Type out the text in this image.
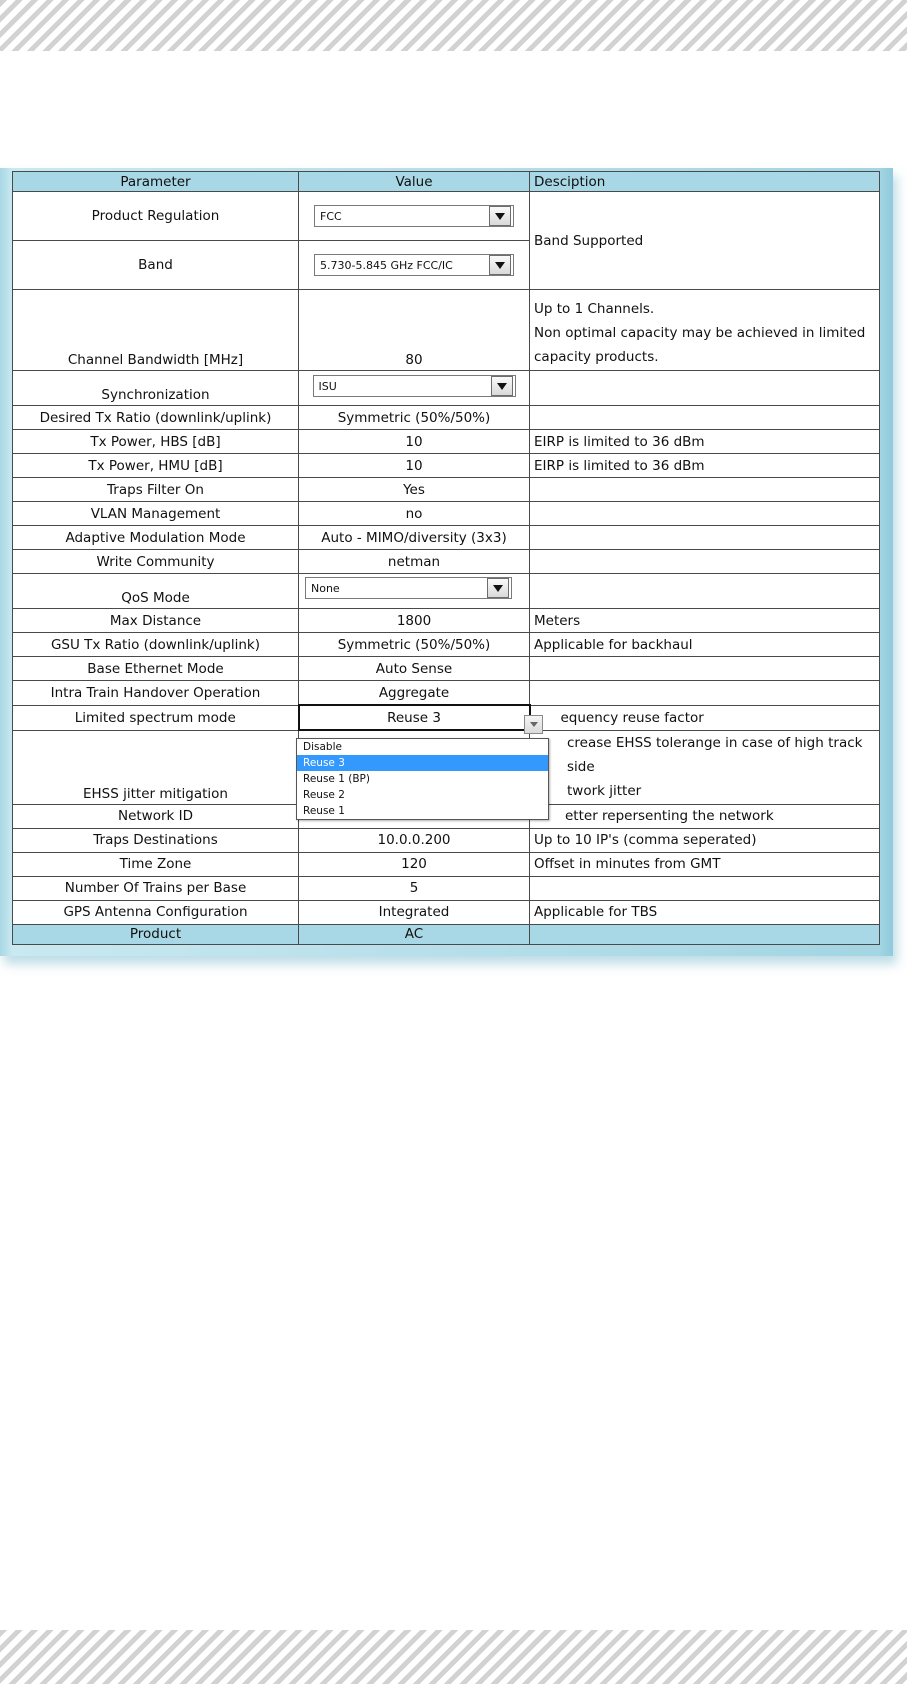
Parameter	Value	Desciption
Product Regulation	FCC	Band Supported
Band	5.730-5.845 GHz FCC/IC	

Channel Bandwidth [MHz]	80	Up to 1 Channels.
Non optimal capacity may be achieved in limited
capacity products.

Synchronization	ISU	

Desired Tx Ratio (downlink/uplink)	Symmetric (50%/50%)	
Tx Power, HBS [dB]	10	EIRP is limited to 36 dBm
Tx Power, HMU [dB]	10	EIRP is limited to 36 dBm
Traps Filter On	Yes	
VLAN Management	no	
Adaptive Modulation Mode	Auto - MIMO/diversity (3x3)	
Write Community	netman	
QoS Mode	None	

Max Distance	1800	Meters
GSU Tx Ratio (downlink/uplink)	Symmetric (50%/50%)	Applicable for backhaul
Base Ethernet Mode	Auto Sense	
Intra Train Handover Operation	Aggregate	
Limited spectrum mode	Reuse 3	equency reuse factor
EHSS jitter mitigation		crease EHSS tolerange in case of high track side
twork jitter

Network ID		etter repersenting the network
Traps Destinations	10.0.0.200	Up to 10 IP's (comma seperated)
Time Zone	120	Offset in minutes from GMT
Number Of Trains per Base	5	
GPS Antenna Configuration	Integrated	Applicable for TBS
Product	AC	
Disable
Reuse 3
Reuse 1 (BP)
Reuse 2
Reuse 1
